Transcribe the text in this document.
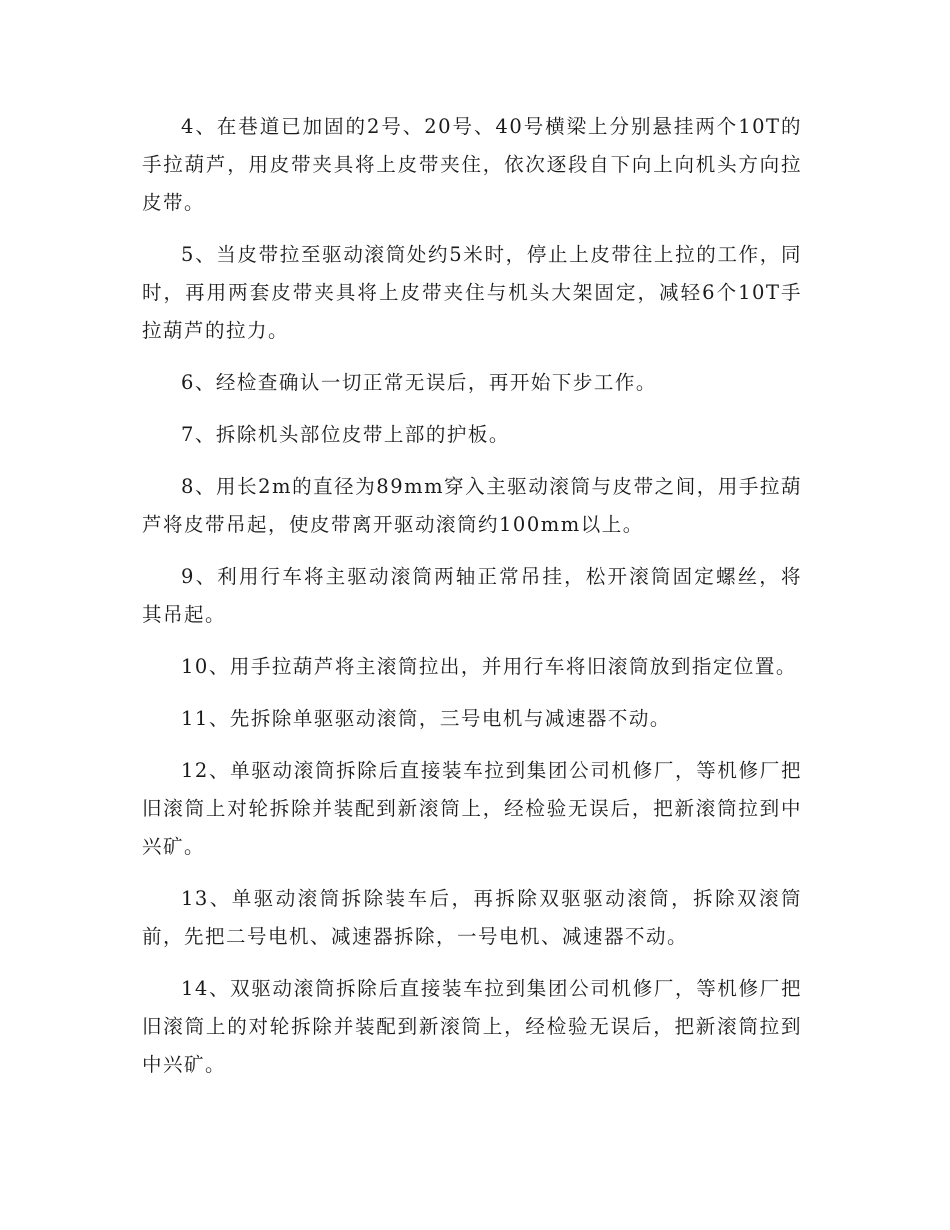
4、在巷道已加固的2号、20号、40号横梁上分别悬挂两个10T的手拉葫芦，用皮带夹具将上皮带夹住，依次逐段自下向上向机头方向拉皮带。

5、当皮带拉至驱动滚筒处约5米时，停止上皮带往上拉的工作，同时，再用两套皮带夹具将上皮带夹住与机头大架固定，减轻6个10T手拉葫芦的拉力。

6、经检查确认一切正常无误后，再开始下步工作。

7、拆除机头部位皮带上部的护板。

8、用长2m的直径为89mm穿入主驱动滚筒与皮带之间，用手拉葫芦将皮带吊起，使皮带离开驱动滚筒约100mm以上。

9、利用行车将主驱动滚筒两轴正常吊挂，松开滚筒固定螺丝，将其吊起。

10、用手拉葫芦将主滚筒拉出，并用行车将旧滚筒放到指定位置。

11、先拆除单驱驱动滚筒，三号电机与减速器不动。

12、单驱动滚筒拆除后直接装车拉到集团公司机修厂，等机修厂把旧滚筒上对轮拆除并装配到新滚筒上，经检验无误后，把新滚筒拉到中兴矿。

13、单驱动滚筒拆除装车后，再拆除双驱驱动滚筒，拆除双滚筒前，先把二号电机、减速器拆除，一号电机、减速器不动。

14、双驱动滚筒拆除后直接装车拉到集团公司机修厂，等机修厂把旧滚筒上的对轮拆除并装配到新滚筒上，经检验无误后，把新滚筒拉到中兴矿。
